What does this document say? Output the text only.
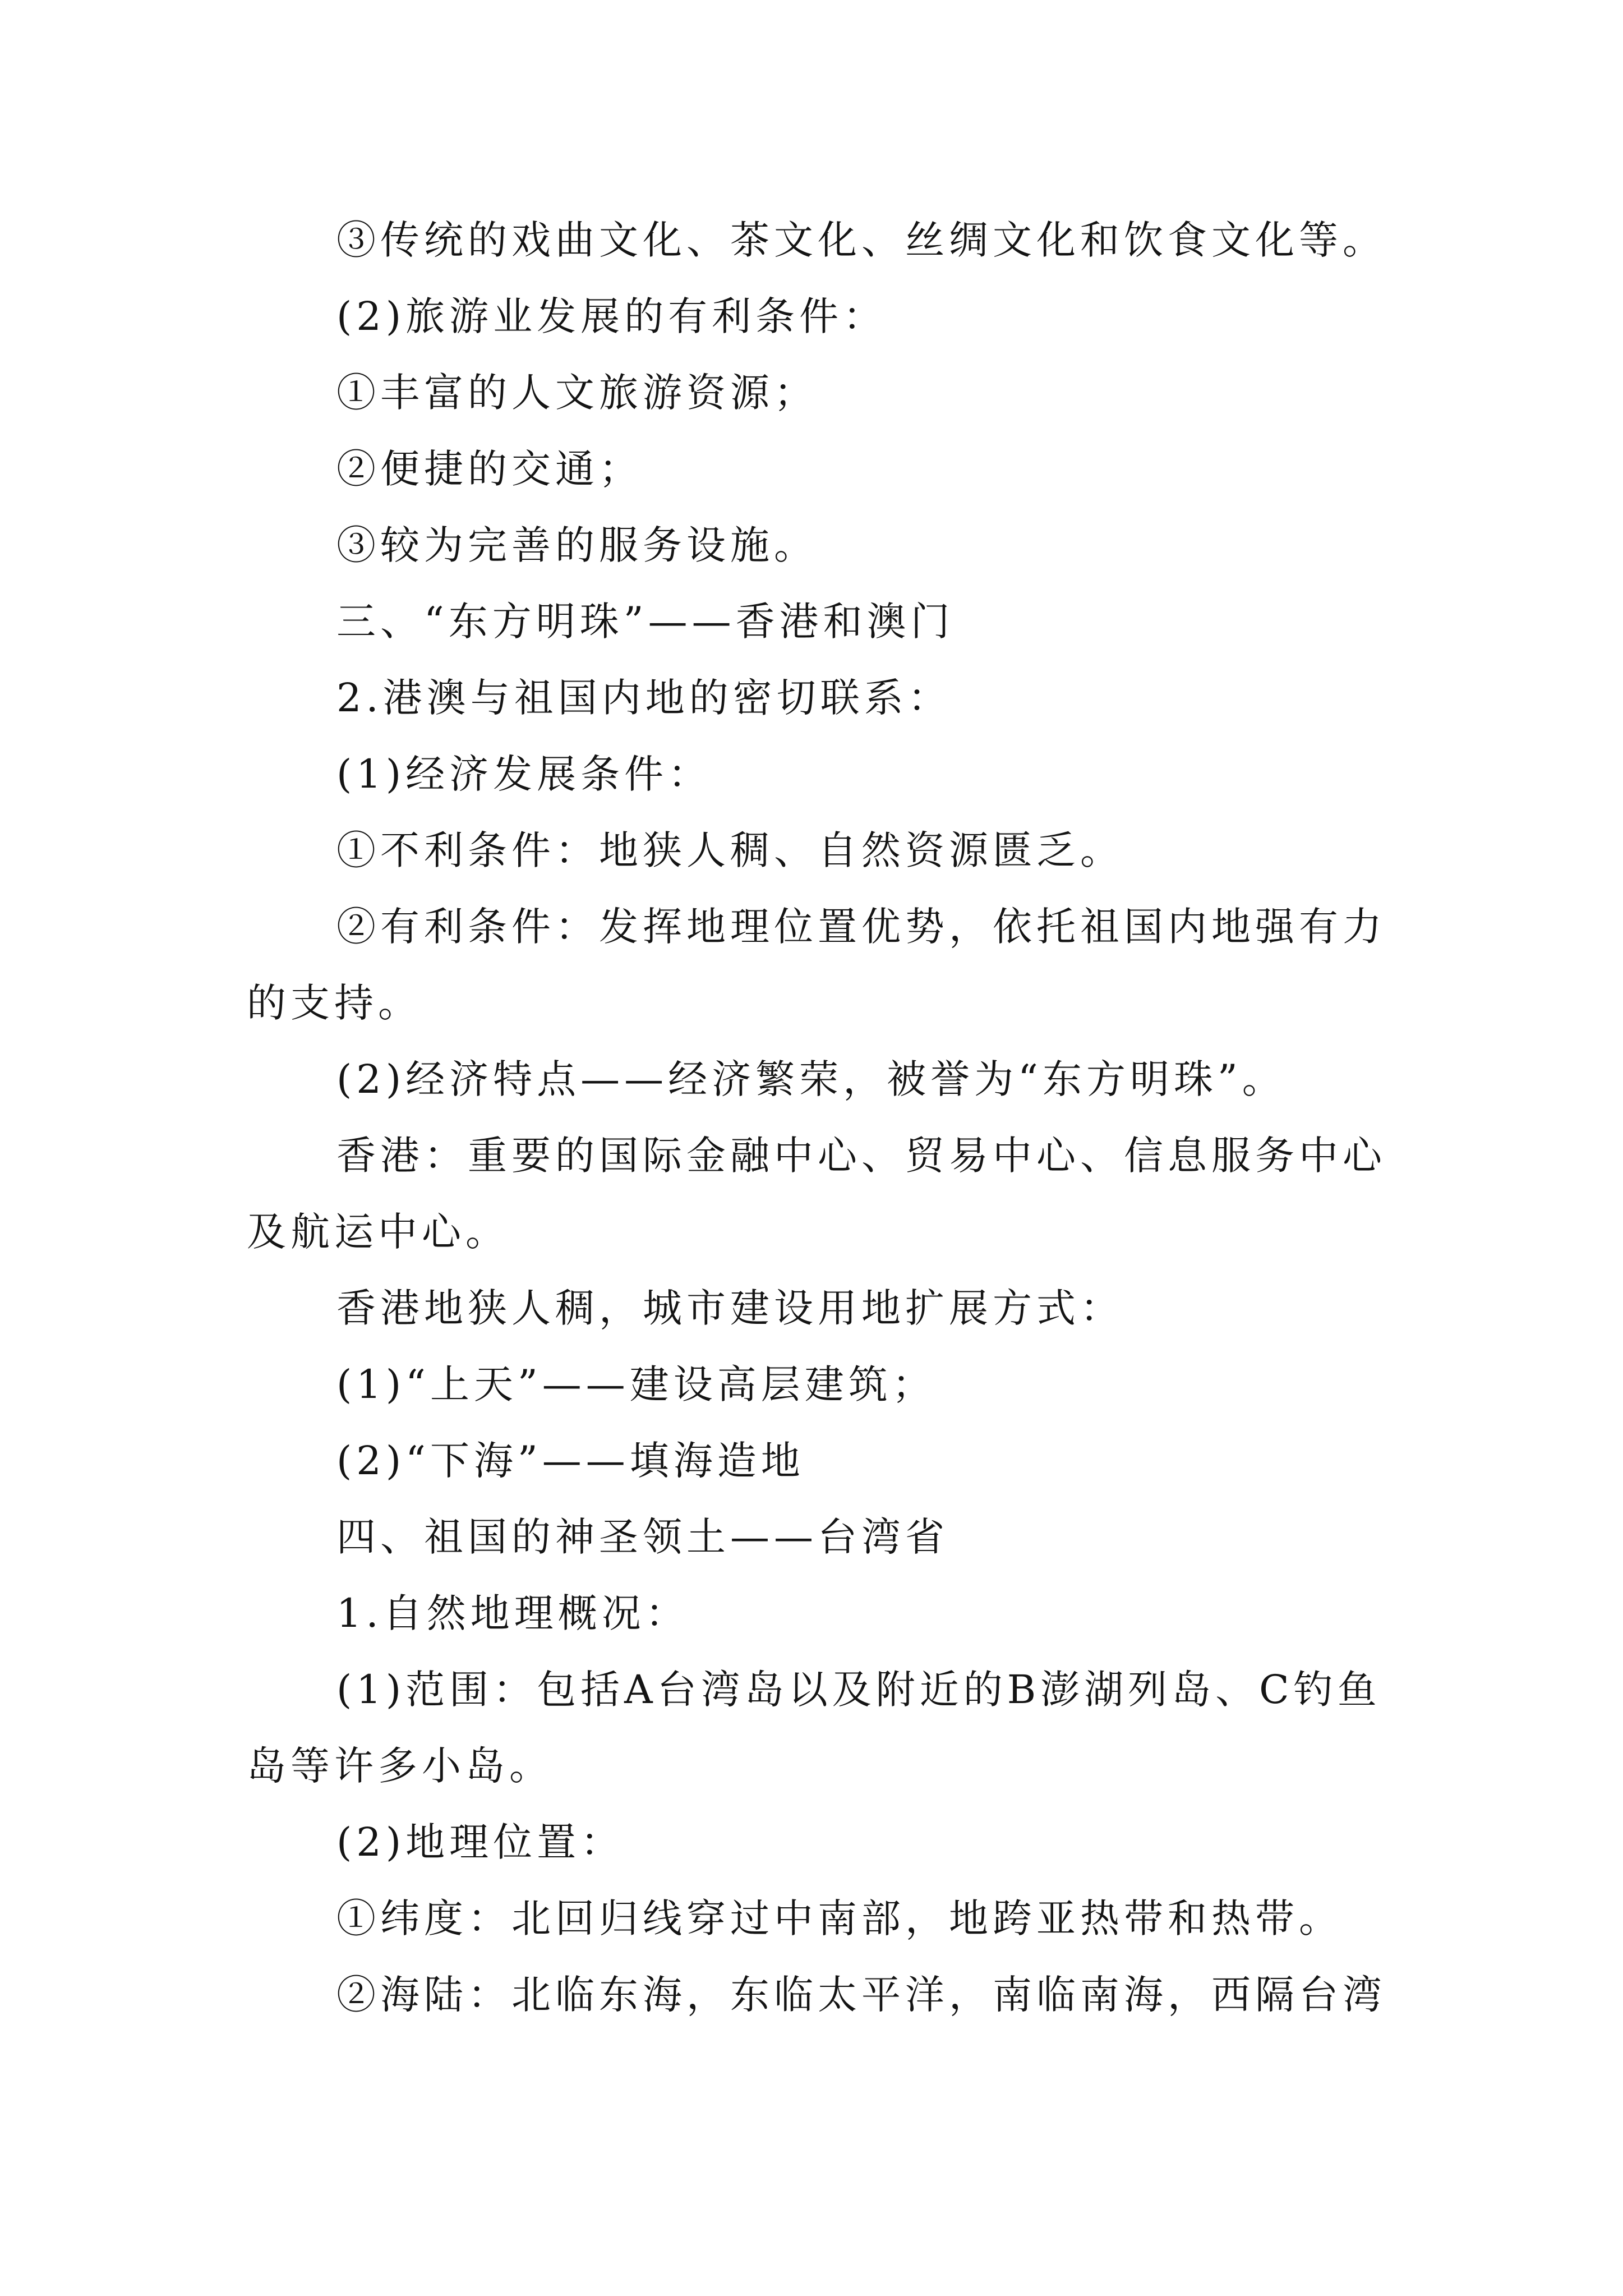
③传统的戏曲文化、茶文化、丝绸文化和饮食文化等。

(2)旅游业发展的有利条件：

①丰富的人文旅游资源；

②便捷的交通；

③较为完善的服务设施。

三、“东方明珠”——香港和澳门

2.港澳与祖国内地的密切联系：

(1)经济发展条件：

①不利条件：地狭人稠、自然资源匮乏。

②有利条件：发挥地理位置优势，依托祖国内地强有力的支持。

(2)经济特点——经济繁荣，被誉为“东方明珠”。

香港：重要的国际金融中心、贸易中心、信息服务中心及航运中心。

香港地狭人稠，城市建设用地扩展方式：

(1)“上天”——建设高层建筑；

(2)“下海”——填海造地

四、祖国的神圣领土——台湾省

1.自然地理概况：

(1)范围：包括A台湾岛以及附近的B澎湖列岛、C钓鱼岛等许多小岛。

(2)地理位置：

①纬度：北回归线穿过中南部，地跨亚热带和热带。

②海陆：北临东海，东临太平洋，南临南海，西隔台湾
